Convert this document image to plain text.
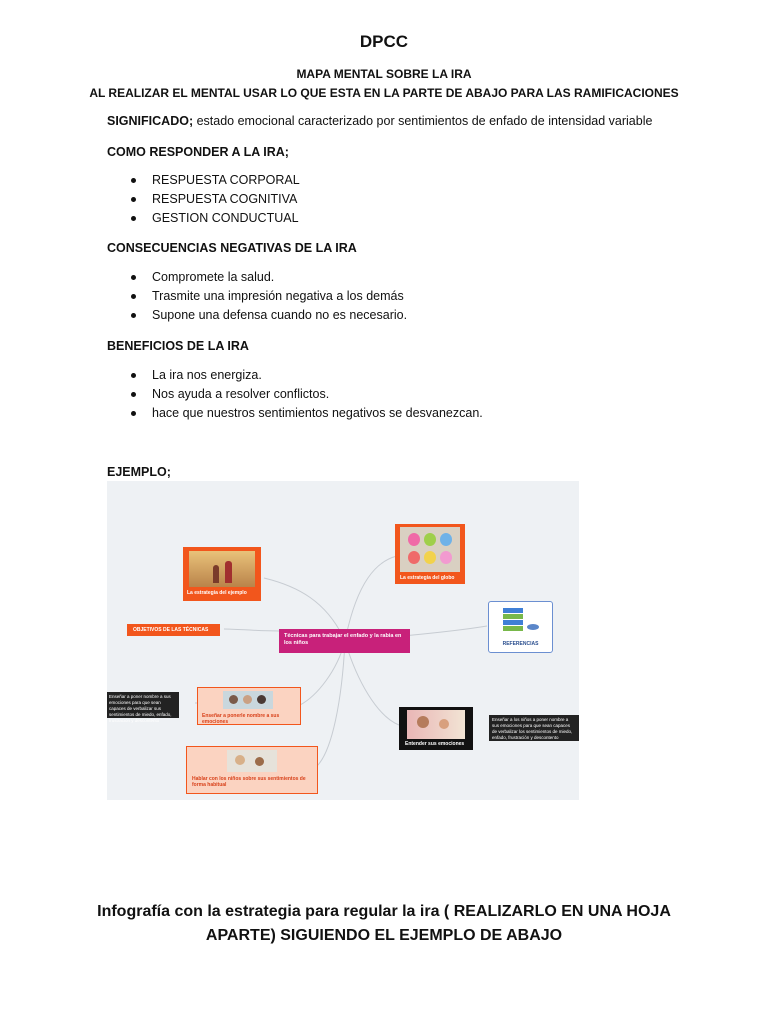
DPCC
MAPA MENTAL SOBRE LA IRA
AL REALIZAR EL MENTAL USAR LO QUE ESTA EN LA PARTE DE ABAJO PARA LAS RAMIFICACIONES
SIGNIFICADO; estado emocional caracterizado por sentimientos de enfado de intensidad variable
COMO RESPONDER A LA IRA;
RESPUESTA CORPORAL
RESPUESTA COGNITIVA
GESTION CONDUCTUAL
CONSECUENCIAS NEGATIVAS DE LA IRA
Compromete la salud.
Trasmite una impresión negativa a los demás
Supone una defensa cuando no es necesario.
BENEFICIOS DE LA IRA
La ira nos energiza.
Nos ayuda a resolver conflictos.
hace que nuestros sentimientos negativos se desvanezcan.
EJEMPLO;
La estrategia del ejemplo
La estrategia del globo
OBJETIVOS DE LAS TÉCNICAS
Técnicas para trabajar el enfado y la rabia en los niños	REFERENCIAS
Enseñar a poner nombre a sus emociones para que sean capaces de verbalizar sus sentimientos de miedo, enfado, frustración y descontento
Enseñar a ponerle nombre a sus emociones
Entender sus emociones
Enseñar a los niños a poner nombre a sus emociones para que sean capaces de verbalizar los sentimientos de miedo, enfado, frustración y descontento
Hablar con los niños sobre sus sentimientos de forma habitual
Infografía con la estrategia para regular la ira ( REALIZARLO EN UNA HOJA
APARTE) SIGUIENDO EL EJEMPLO DE ABAJO
